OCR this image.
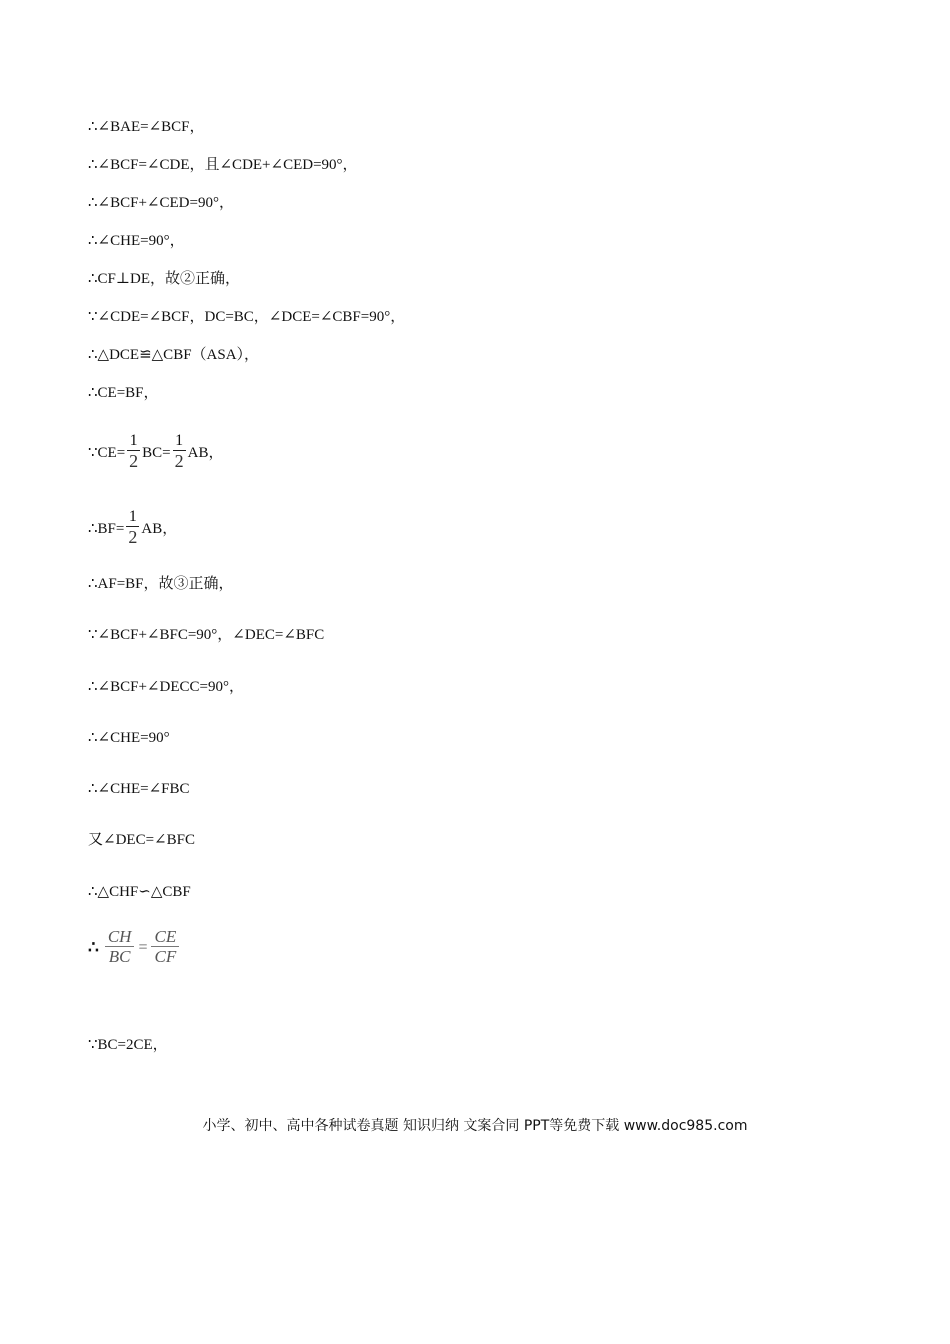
∴∠BAE=∠BCF，
∴∠BCF=∠CDE，且∠CDE+∠CED=90°，
∴∠BCF+∠CED=90°，
∴∠CHE=90°，
∴CF⊥DE，故②正确，
∵∠CDE=∠BCF，DC=BC，∠DCE=∠CBF=90°，
∴△DCE≌△CBF（ASA），
∴CE=BF，
∵CE= $\frac{1}{2} BC= \frac{1}{2}$ AB，
∴BF= $\frac{1}{2}$ AB，
∴AF=BF，故③正确，
∵∠BCF+∠BFC=90°，∠DEC=∠BFC
∴∠BCF+∠DECC=90°，
∴∠CHE=90°
∴∠CHE=∠FBC
又∠DEC=∠BFC
∴△CHF∽△CBF
∴ $\frac{CH}{BC} = \frac{CE}{CF}$
∵BC=2CE，
小学、初中、高中各种试卷真题 知识归纳 文案合同 PPT等免费下载 www.doc985.com
